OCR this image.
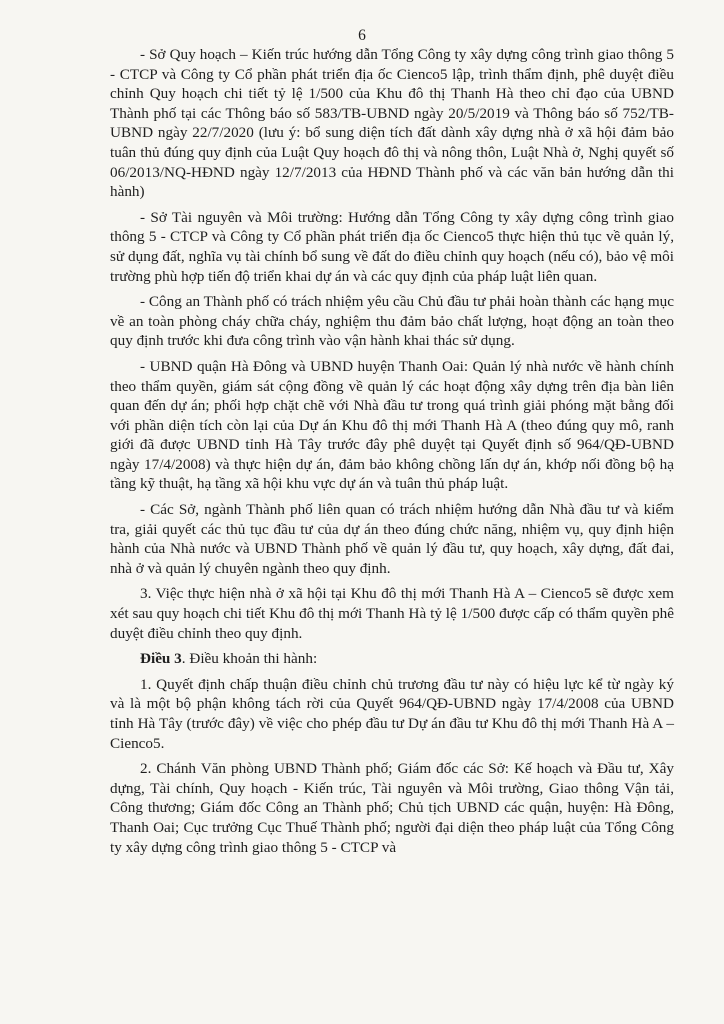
6

- Sở Quy hoạch – Kiến trúc hướng dẫn Tổng Công ty xây dựng công trình giao thông 5 - CTCP và Công ty Cổ phần phát triển địa ốc Cienco5 lập, trình thẩm định, phê duyệt điều chỉnh Quy hoạch chi tiết tỷ lệ 1/500 của Khu đô thị Thanh Hà theo chỉ đạo của UBND Thành phố tại các Thông báo số 583/TB-UBND ngày 20/5/2019 và Thông báo số 752/TB-UBND ngày 22/7/2020 (lưu ý: bổ sung diện tích đất dành xây dựng nhà ở xã hội đảm bảo tuân thủ đúng quy định của Luật Quy hoạch đô thị và nông thôn, Luật Nhà ở, Nghị quyết số 06/2013/NQ-HĐND ngày 12/7/2013 của HĐND Thành phố và các văn bản hướng dẫn thi hành)

- Sở Tài nguyên và Môi trường: Hướng dẫn Tổng Công ty xây dựng công trình giao thông 5 - CTCP và Công ty Cổ phần phát triển địa ốc Cienco5 thực hiện thủ tục về quản lý, sử dụng đất, nghĩa vụ tài chính bổ sung về đất do điều chỉnh quy hoạch (nếu có), bảo vệ môi trường phù hợp tiến độ triển khai dự án và các quy định của pháp luật liên quan.

- Công an Thành phố có trách nhiệm yêu cầu Chủ đầu tư phải hoàn thành các hạng mục về an toàn phòng cháy chữa cháy, nghiệm thu đảm bảo chất lượng, hoạt động an toàn theo quy định trước khi đưa công trình vào vận hành khai thác sử dụng.

- UBND quận Hà Đông và UBND huyện Thanh Oai: Quản lý nhà nước về hành chính theo thẩm quyền, giám sát cộng đồng về quản lý các hoạt động xây dựng trên địa bàn liên quan đến dự án; phối hợp chặt chẽ với Nhà đầu tư trong quá trình giải phóng mặt bằng đối với phần diện tích còn lại của Dự án Khu đô thị mới Thanh Hà A (theo đúng quy mô, ranh giới đã được UBND tỉnh Hà Tây trước đây phê duyệt tại Quyết định số 964/QĐ-UBND ngày 17/4/2008) và thực hiện dự án, đảm bảo không chồng lấn dự án, khớp nối đồng bộ hạ tầng kỹ thuật, hạ tầng xã hội khu vực dự án và tuân thủ pháp luật.

- Các Sở, ngành Thành phố liên quan có trách nhiệm hướng dẫn Nhà đầu tư và kiểm tra, giải quyết các thủ tục đầu tư của dự án theo đúng chức năng, nhiệm vụ, quy định hiện hành của Nhà nước và UBND Thành phố về quản lý đầu tư, quy hoạch, xây dựng, đất đai, nhà ở và quản lý chuyên ngành theo quy định.

3. Việc thực hiện nhà ở xã hội tại Khu đô thị mới Thanh Hà A – Cienco5 sẽ được xem xét sau quy hoạch chi tiết Khu đô thị mới Thanh Hà tỷ lệ 1/500 được cấp có thẩm quyền phê duyệt điều chỉnh theo quy định.

Điều 3. Điều khoản thi hành:

1. Quyết định chấp thuận điều chỉnh chủ trương đầu tư này có hiệu lực kể từ ngày ký và là một bộ phận không tách rời của Quyết 964/QĐ-UBND ngày 17/4/2008 của UBND tỉnh Hà Tây (trước đây) về việc cho phép đầu tư Dự án đầu tư Khu đô thị mới Thanh Hà A – Cienco5.

2. Chánh Văn phòng UBND Thành phố; Giám đốc các Sở: Kế hoạch và Đầu tư, Xây dựng, Tài chính, Quy hoạch - Kiến trúc, Tài nguyên và Môi trường, Giao thông Vận tải, Công thương; Giám đốc Công an Thành phố; Chủ tịch UBND các quận, huyện: Hà Đông, Thanh Oai; Cục trưởng Cục Thuế Thành phố; người đại diện theo pháp luật của Tổng Công ty xây dựng công trình giao thông 5 - CTCP và
